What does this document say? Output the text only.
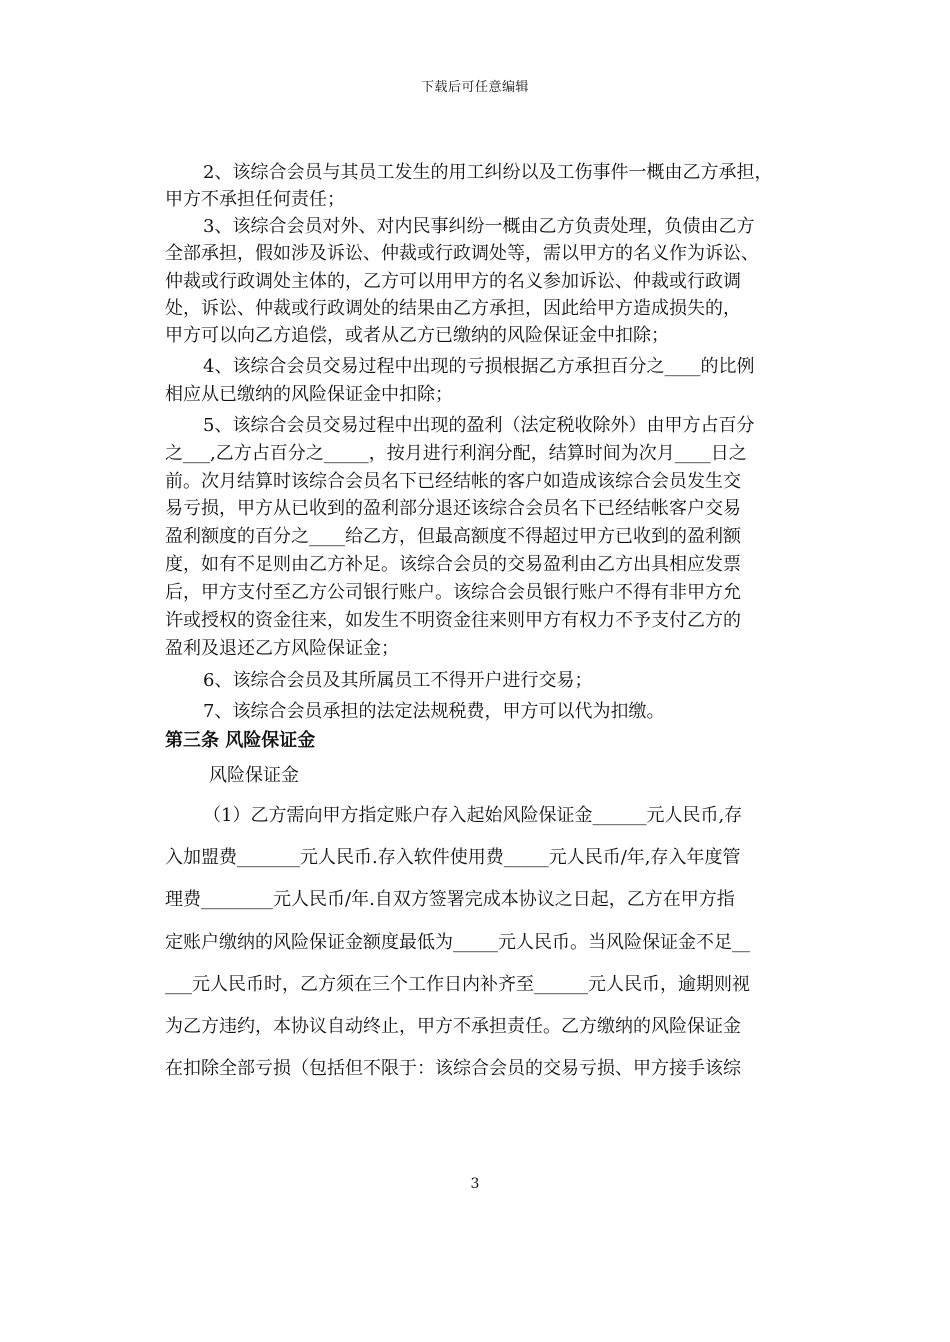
下载后可任意编辑
2、该综合会员与其员工发生的用工纠纷以及工伤事件一概由乙方承担，
甲方不承担任何责任；
3、该综合会员对外、对内民事纠纷一概由乙方负责处理，负债由乙方
全部承担，假如涉及诉讼、仲裁或行政调处等，需以甲方的名义作为诉讼、
仲裁或行政调处主体的，乙方可以用甲方的名义参加诉讼、仲裁或行政调
处，诉讼、仲裁或行政调处的结果由乙方承担，因此给甲方造成损失的，
甲方可以向乙方追偿，或者从乙方已缴纳的风险保证金中扣除；
4、该综合会员交易过程中出现的亏损根据乙方承担百分之____的比例
相应从已缴纳的风险保证金中扣除；
5、该综合会员交易过程中出现的盈利（法定税收除外）由甲方占百分
之___,乙方占百分之_____，按月进行利润分配，结算时间为次月____日之
前。次月结算时该综合会员名下已经结帐的客户如造成该综合会员发生交
易亏损，甲方从已收到的盈利部分退还该综合会员名下已经结帐客户交易
盈利额度的百分之____给乙方，但最高额度不得超过甲方已收到的盈利额
度，如有不足则由乙方补足。该综合会员的交易盈利由乙方出具相应发票
后，甲方支付至乙方公司银行账户。该综合会员银行账户不得有非甲方允
许或授权的资金往来，如发生不明资金往来则甲方有权力不予支付乙方的
盈利及退还乙方风险保证金；
6、该综合会员及其所属员工不得开户进行交易；
7、该综合会员承担的法定法规税费，甲方可以代为扣缴。
第三条 风险保证金
风险保证金
（1）乙方需向甲方指定账户存入起始风险保证金______元人民币,存
入加盟费_______元人民币.存入软件使用费_____元人民币/年,存入年度管
理费________元人民币/年.自双方签署完成本协议之日起，乙方在甲方指
定账户缴纳的风险保证金额度最低为_____元人民币。当风险保证金不足__
___元人民币时，乙方须在三个工作日内补齐至______元人民币，逾期则视
为乙方违约，本协议自动终止，甲方不承担责任。乙方缴纳的风险保证金
在扣除全部亏损（包括但不限于：该综合会员的交易亏损、甲方接手该综
3
